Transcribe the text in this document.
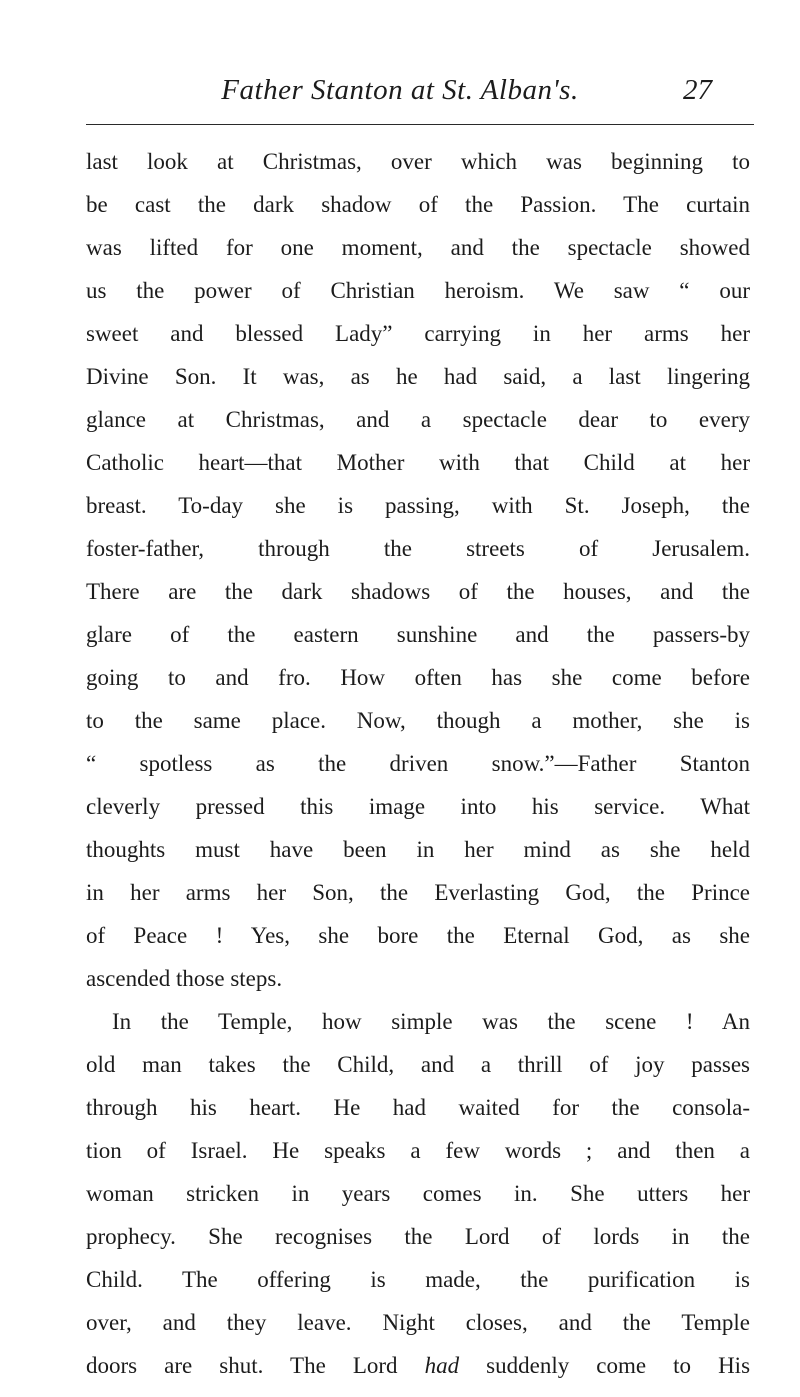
Father Stanton at St. Alban's.	27
last look at Christmas, over which was beginning to
be cast the dark shadow of the Passion. The curtain
was lifted for one moment, and the spectacle showed
us the power of Christian heroism. We saw “ our
sweet and blessed Lady” carrying in her arms her
Divine Son. It was, as he had said, a last lingering
glance at Christmas, and a spectacle dear to every
Catholic heart—that Mother with that Child at her
breast. To-day she is passing, with St. Joseph, the
foster-father, through the streets of Jerusalem.
There are the dark shadows of the houses, and the
glare of the eastern sunshine and the passers-by
going to and fro. How often has she come before
to the same place. Now, though a mother, she is
“ spotless as the driven snow.”—Father Stanton
cleverly pressed this image into his service. What
thoughts must have been in her mind as she held
in her arms her Son, the Everlasting God, the Prince
of Peace ! Yes, she bore the Eternal God, as she
ascended those steps.
In the Temple, how simple was the scene ! An
old man takes the Child, and a thrill of joy passes
through his heart. He had waited for the consola-
tion of Israel. He speaks a few words ; and then a
woman stricken in years comes in. She utters her
prophecy. She recognises the Lord of lords in the
Child. The offering is made, the purification is
over, and they leave. Night closes, and the Temple
doors are shut. The Lord had suddenly come to His
